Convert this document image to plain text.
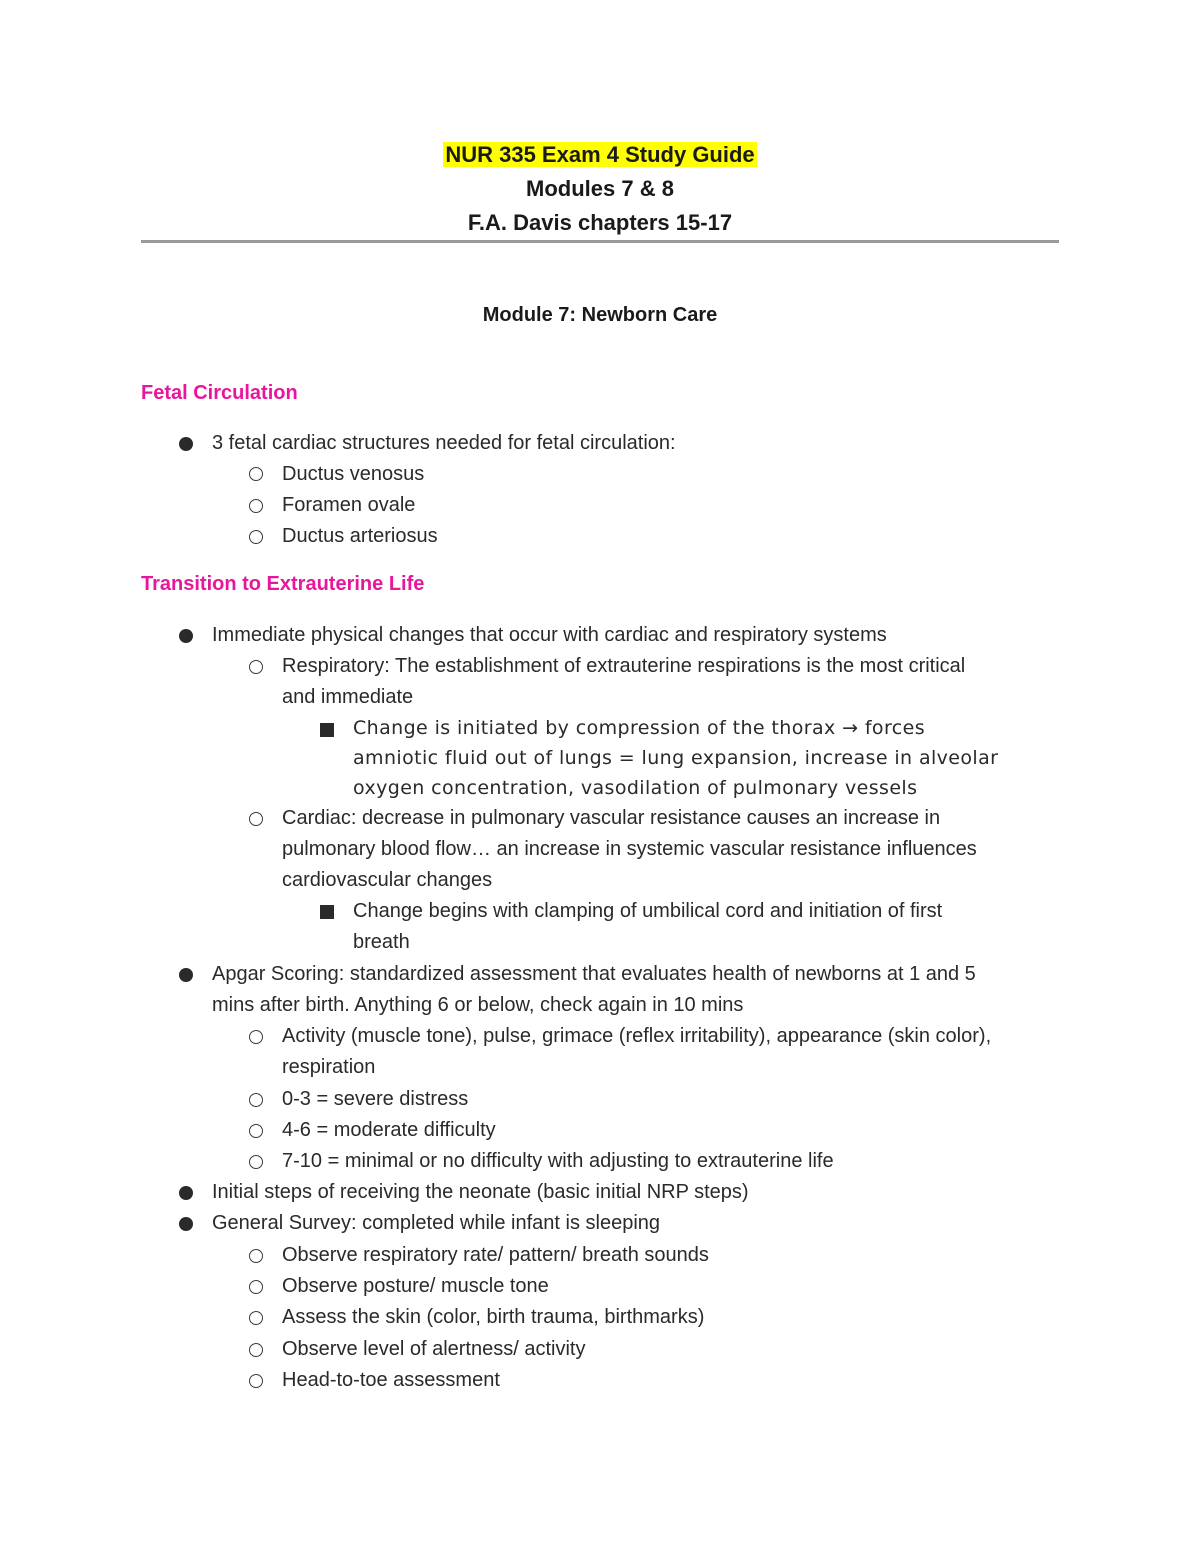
NUR 335 Exam 4 Study Guide
Modules 7 & 8
F.A. Davis chapters 15-17
Module 7: Newborn Care
Fetal Circulation
3 fetal cardiac structures needed for fetal circulation:
Ductus venosus
Foramen ovale
Ductus arteriosus
Transition to Extrauterine Life
Immediate physical changes that occur with cardiac and respiratory systems
Respiratory: The establishment of extrauterine respirations is the most critical
and immediate
Change is initiated by compression of the thorax → forces
amniotic fluid out of lungs = lung expansion, increase in alveolar
oxygen concentration, vasodilation of pulmonary vessels
Cardiac: decrease in pulmonary vascular resistance causes an increase in
pulmonary blood flow… an increase in systemic vascular resistance influences
cardiovascular changes
Change begins with clamping of umbilical cord and initiation of first
breath
Apgar Scoring: standardized assessment that evaluates health of newborns at 1 and 5
mins after birth. Anything 6 or below, check again in 10 mins
Activity (muscle tone), pulse, grimace (reflex irritability), appearance (skin color),
respiration
0-3 = severe distress
4-6 = moderate difficulty
7-10 = minimal or no difficulty with adjusting to extrauterine life
Initial steps of receiving the neonate (basic initial NRP steps)
General Survey: completed while infant is sleeping
Observe respiratory rate/ pattern/ breath sounds
Observe posture/ muscle tone
Assess the skin (color, birth trauma, birthmarks)
Observe level of alertness/ activity
Head-to-toe assessment
